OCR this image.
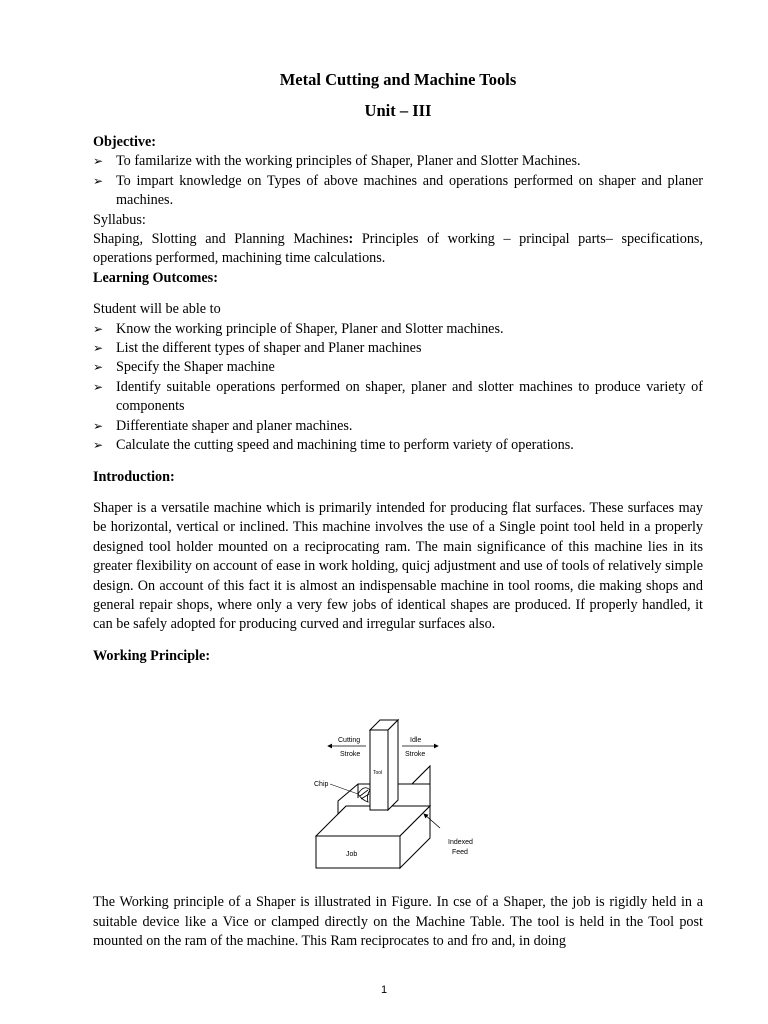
Metal Cutting and Machine Tools
Unit – III

Objective:

➢ To familarize with the working principles of Shaper, Planer and Slotter Machines.
➢ To impart knowledge on Types of above machines and operations performed on shaper and planer machines.

Syllabus:

Shaping, Slotting and Planning Machines: Principles of working – principal parts– specifications, operations performed, machining time calculations.

Learning Outcomes:

Student will be able to

➢ Know the working principle of Shaper, Planer and Slotter machines.
➢ List the different types of shaper and Planer machines
➢ Specify the Shaper machine
➢ Identify suitable operations performed on shaper, planer and slotter machines to produce variety of components
➢ Differentiate shaper and planer machines.
➢ Calculate the cutting speed and machining time to perform variety of operations.

Introduction:

Shaper is a versatile machine which is primarily intended for producing flat surfaces. These surfaces may be horizontal, vertical or inclined. This machine involves the use of a Single point tool held in a properly designed tool holder mounted on a reciprocating ram. The main significance of this machine lies in its greater flexibility on account of ease in work holding, quicj adjustment and use of tools of relatively simple design. On account of this fact it is almost an indispensable machine in tool rooms, die making shops and general repair shops, where only a very few jobs of identical shapes are produced. If properly handled, it can be safely adopted for producing curved and irregular surfaces also.

Working Principle:

Cutting
Stroke
Idle
Stroke
Tool
Chip
Indexed
Feed
Job

The Working principle of a Shaper is illustrated in Figure. In cse of a Shaper, the job is rigidly held in a suitable device like a Vice or clamped directly on the Machine Table. The tool is held in the Tool post mounted on the ram of the machine. This Ram reciprocates to and fro and, in doing

1
